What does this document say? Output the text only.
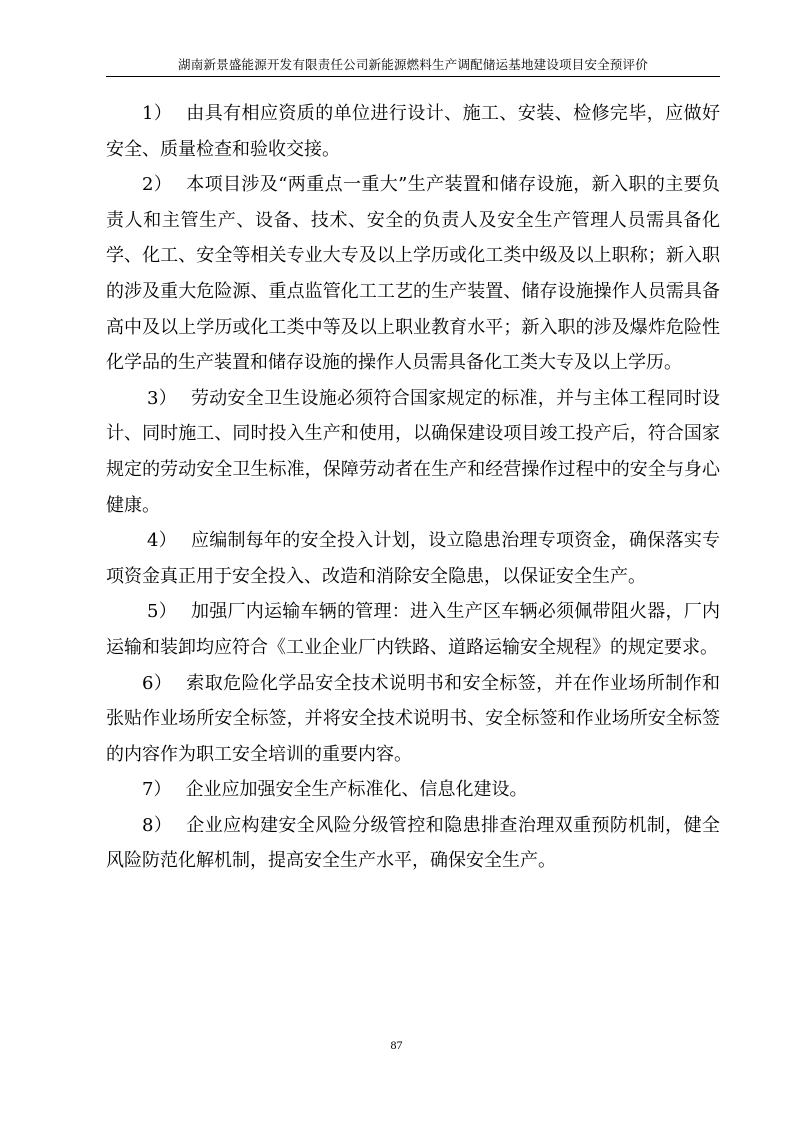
湖南新景盛能源开发有限责任公司新能源燃料生产调配储运基地建设项目安全预评价

1） 由具有相应资质的单位进行设计、施工、安装、检修完毕，应做好安全、质量检查和验收交接。

2） 本项目涉及“两重点一重大”生产装置和储存设施，新入职的主要负责人和主管生产、设备、技术、安全的负责人及安全生产管理人员需具备化学、化工、安全等相关专业大专及以上学历或化工类中级及以上职称；新入职的涉及重大危险源、重点监管化工工艺的生产装置、储存设施操作人员需具备高中及以上学历或化工类中等及以上职业教育水平；新入职的涉及爆炸危险性化学品的生产装置和储存设施的操作人员需具备化工类大专及以上学历。

3） 劳动安全卫生设施必须符合国家规定的标准，并与主体工程同时设计、同时施工、同时投入生产和使用，以确保建设项目竣工投产后，符合国家规定的劳动安全卫生标准，保障劳动者在生产和经营操作过程中的安全与身心健康。

4） 应编制每年的安全投入计划，设立隐患治理专项资金，确保落实专项资金真正用于安全投入、改造和消除安全隐患，以保证安全生产。

5） 加强厂内运输车辆的管理：进入生产区车辆必须佩带阻火器，厂内运输和装卸均应符合《工业企业厂内铁路、道路运输安全规程》的规定要求。

6） 索取危险化学品安全技术说明书和安全标签，并在作业场所制作和张贴作业场所安全标签，并将安全技术说明书、安全标签和作业场所安全标签的内容作为职工安全培训的重要内容。

7） 企业应加强安全生产标准化、信息化建设。

8） 企业应构建安全风险分级管控和隐患排查治理双重预防机制，健全风险防范化解机制，提高安全生产水平，确保安全生产。

87
